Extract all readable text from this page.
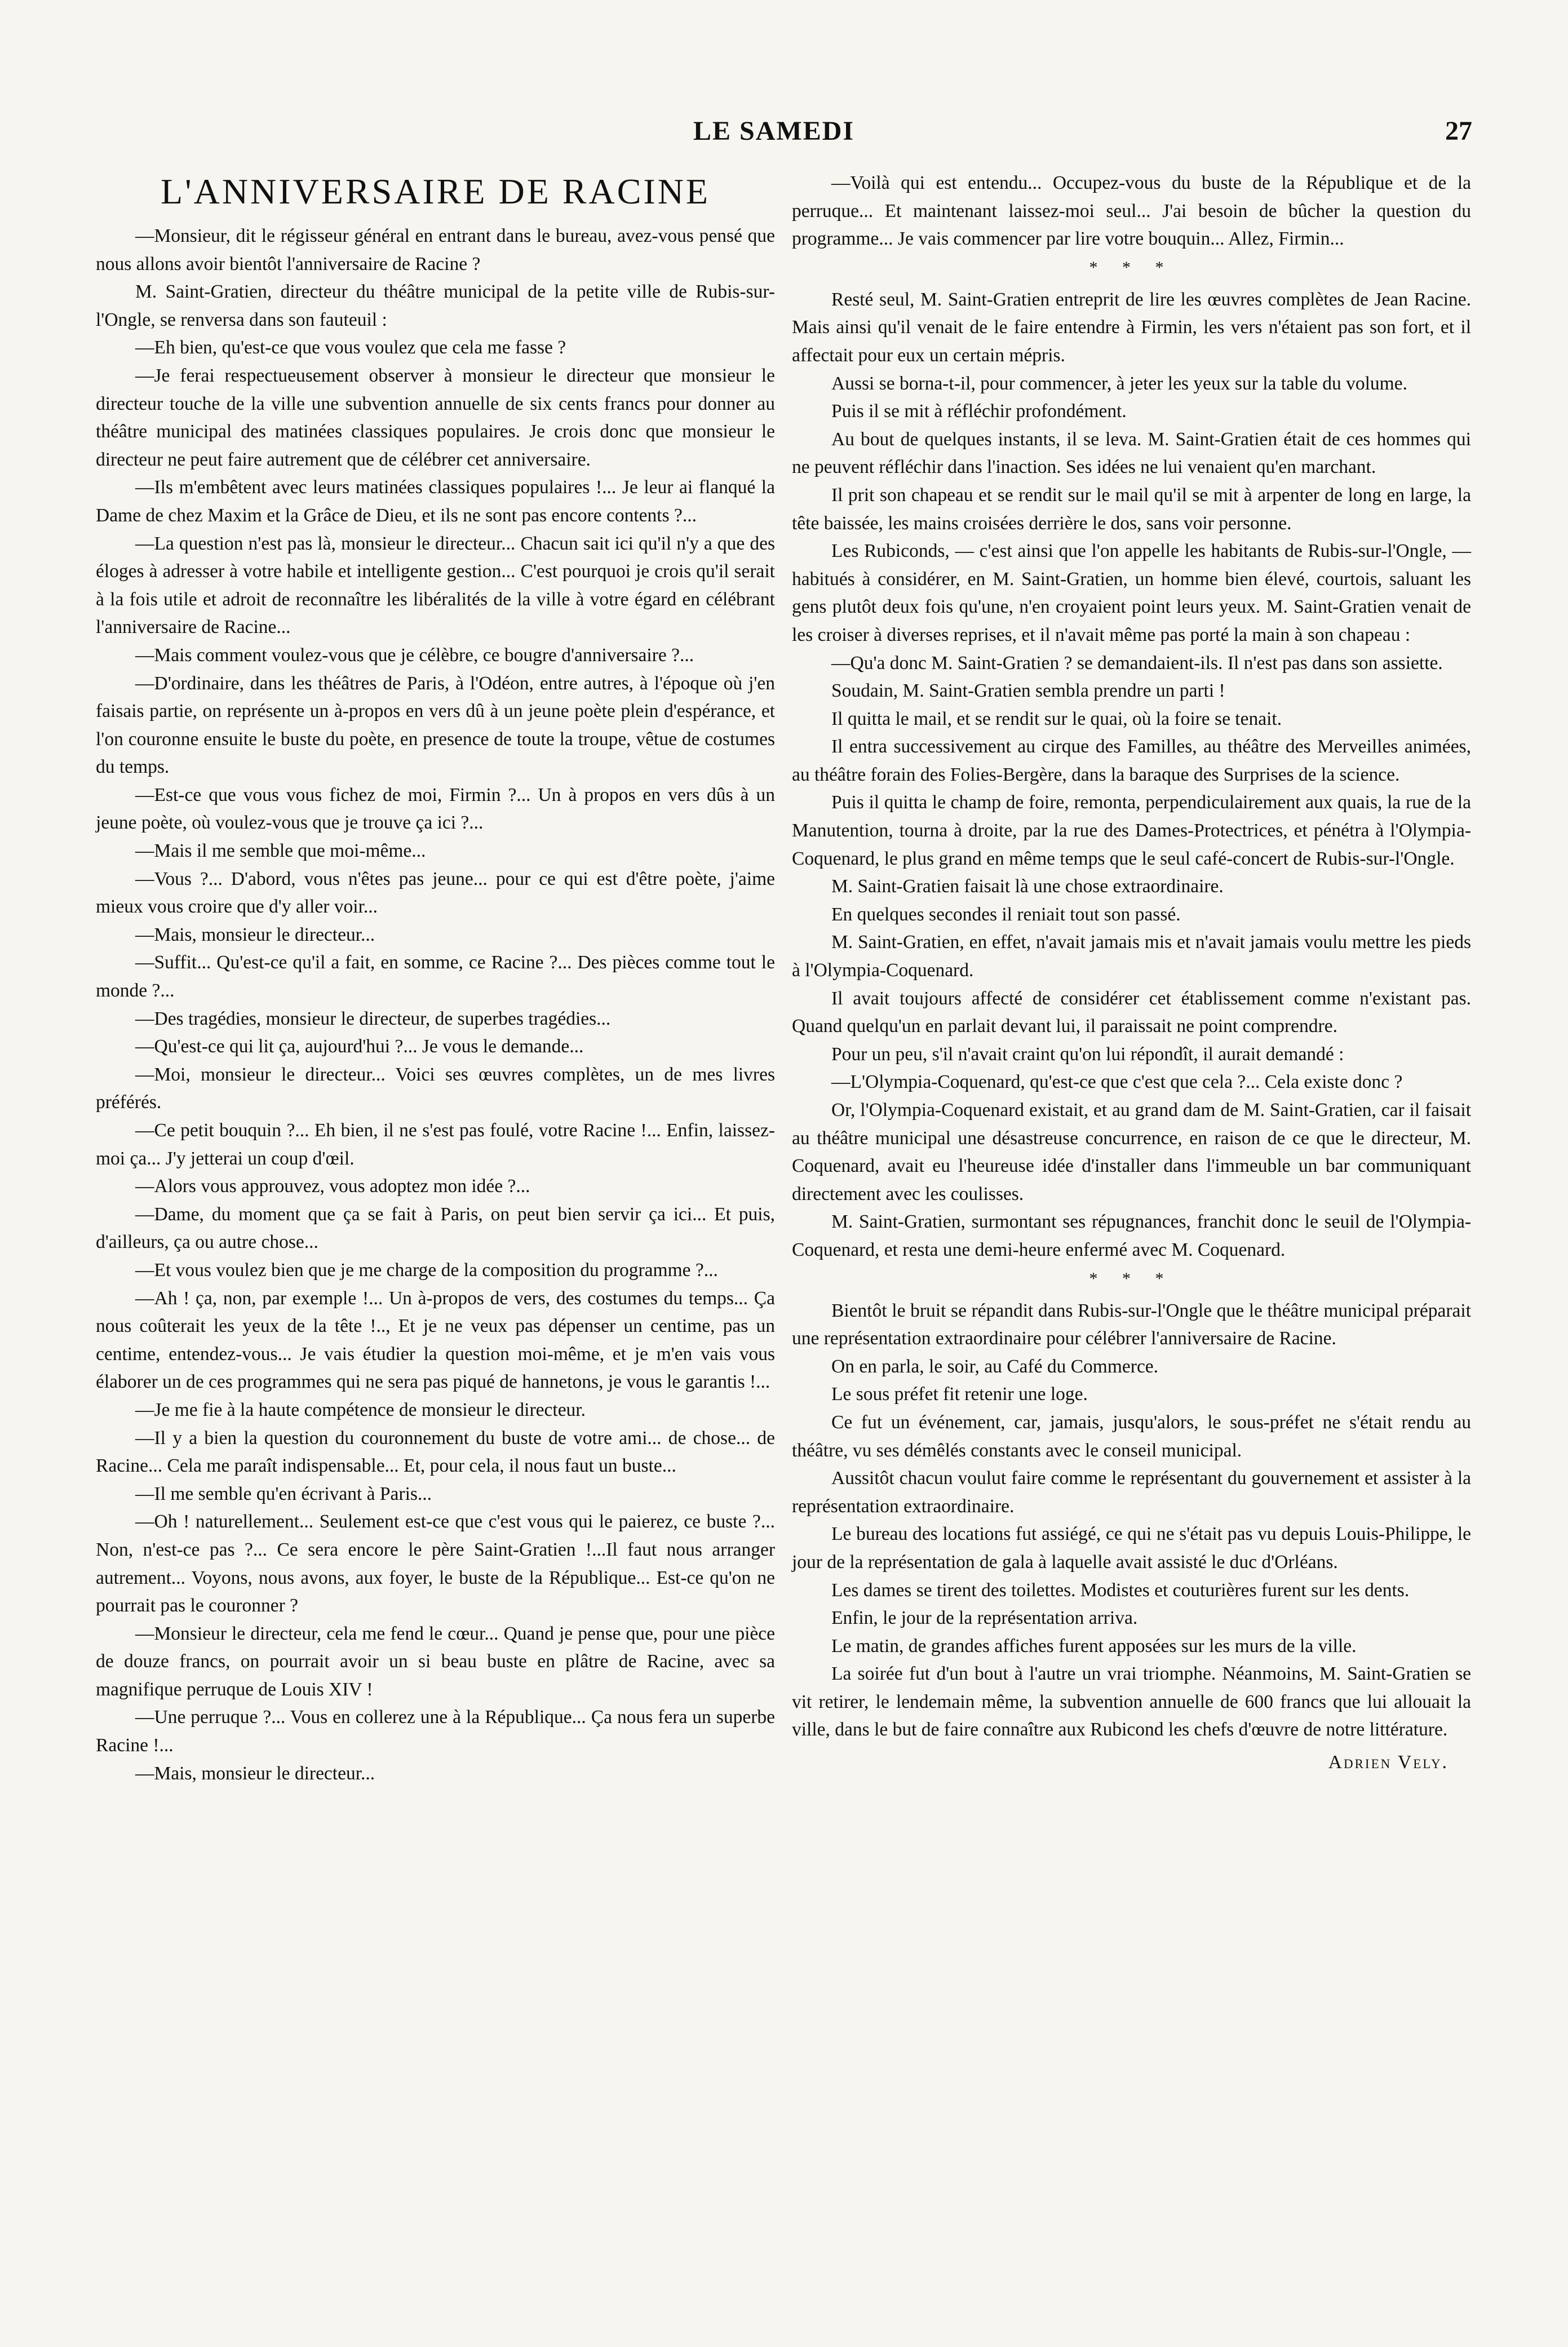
LE SAMEDI	27
L'ANNIVERSAIRE DE RACINE

—Monsieur, dit le régisseur général en entrant dans le bureau, avez-vous pensé que nous allons avoir bientôt l'anniversaire de Racine ?

M. Saint-Gratien, directeur du théâtre municipal de la petite ville de Rubis-sur-l'Ongle, se renversa dans son fauteuil :

—Eh bien, qu'est-ce que vous voulez que cela me fasse ?

—Je ferai respectueusement observer à monsieur le directeur que monsieur le directeur touche de la ville une subvention annuelle de six cents francs pour donner au théâtre municipal des matinées classiques populaires. Je crois donc que monsieur le directeur ne peut faire autrement que de célébrer cet anniversaire.

—Ils m'embêtent avec leurs matinées classiques populaires !... Je leur ai flanqué la Dame de chez Maxim et la Grâce de Dieu, et ils ne sont pas encore contents ?...

—La question n'est pas là, monsieur le directeur... Chacun sait ici qu'il n'y a que des éloges à adresser à votre habile et intelligente gestion... C'est pourquoi je crois qu'il serait à la fois utile et adroit de reconnaître les libéralités de la ville à votre égard en célébrant l'anniversaire de Racine...

—Mais comment voulez-vous que je célèbre, ce bougre d'anniversaire ?...

—D'ordinaire, dans les théâtres de Paris, à l'Odéon, entre autres, à l'époque où j'en faisais partie, on représente un à-propos en vers dû à un jeune poète plein d'espérance, et l'on couronne ensuite le buste du poète, en presence de toute la troupe, vêtue de costumes du temps.

—Est-ce que vous vous fichez de moi, Firmin ?... Un à propos en vers dûs à un jeune poète, où voulez-vous que je trouve ça ici ?...

—Mais il me semble que moi-même...

—Vous ?... D'abord, vous n'êtes pas jeune... pour ce qui est d'être poète, j'aime mieux vous croire que d'y aller voir...

—Mais, monsieur le directeur...

—Suffit... Qu'est-ce qu'il a fait, en somme, ce Racine ?... Des pièces comme tout le monde ?...

—Des tragédies, monsieur le directeur, de superbes tragédies...

—Qu'est-ce qui lit ça, aujourd'hui ?... Je vous le demande...

—Moi, monsieur le directeur... Voici ses œuvres complètes, un de mes livres préférés.

—Ce petit bouquin ?... Eh bien, il ne s'est pas foulé, votre Racine !... Enfin, laissez-moi ça... J'y jetterai un coup d'œil.

—Alors vous approuvez, vous adoptez mon idée ?...

—Dame, du moment que ça se fait à Paris, on peut bien servir ça ici... Et puis, d'ailleurs, ça ou autre chose...

—Et vous voulez bien que je me charge de la composition du programme ?...

—Ah ! ça, non, par exemple !... Un à-propos de vers, des costumes du temps... Ça nous coûterait les yeux de la tête !.., Et je ne veux pas dépenser un centime, pas un centime, entendez-vous... Je vais étudier la question moi-même, et je m'en vais vous élaborer un de ces programmes qui ne sera pas piqué de hannetons, je vous le garantis !...

—Je me fie à la haute compétence de monsieur le directeur.

—Il y a bien la question du couronnement du buste de votre ami... de chose... de Racine... Cela me paraît indispensable... Et, pour cela, il nous faut un buste...

—Il me semble qu'en écrivant à Paris...

—Oh ! naturellement... Seulement est-ce que c'est vous qui le paierez, ce buste ?... Non, n'est-ce pas ?... Ce sera encore le père Saint-Gratien !...Il faut nous arranger autrement... Voyons, nous avons, aux foyer, le buste de la République... Est-ce qu'on ne pourrait pas le couronner ?

—Monsieur le directeur, cela me fend le cœur... Quand je pense que, pour une pièce de douze francs, on pourrait avoir un si beau buste en plâtre de Racine, avec sa magnifique perruque de Louis XIV !

—Une perruque ?... Vous en collerez une à la République... Ça nous fera un superbe Racine !...

—Mais, monsieur le directeur...

—Voilà qui est entendu... Occupez-vous du buste de la République et de la perruque... Et maintenant laissez-moi seul... J'ai besoin de bûcher la question du programme... Je vais commencer par lire votre bouquin... Allez, Firmin...

* * *

Resté seul, M. Saint-Gratien entreprit de lire les œuvres complètes de Jean Racine. Mais ainsi qu'il venait de le faire entendre à Firmin, les vers n'étaient pas son fort, et il affectait pour eux un certain mépris.

Aussi se borna-t-il, pour commencer, à jeter les yeux sur la table du volume.

Puis il se mit à réfléchir profondément.

Au bout de quelques instants, il se leva. M. Saint-Gratien était de ces hommes qui ne peuvent réfléchir dans l'inaction. Ses idées ne lui venaient qu'en marchant.

Il prit son chapeau et se rendit sur le mail qu'il se mit à arpenter de long en large, la tête baissée, les mains croisées derrière le dos, sans voir personne.

Les Rubiconds, — c'est ainsi que l'on appelle les habitants de Rubis-sur-l'Ongle, — habitués à considérer, en M. Saint-Gratien, un homme bien élevé, courtois, saluant les gens plutôt deux fois qu'une, n'en croyaient point leurs yeux. M. Saint-Gratien venait de les croiser à diverses reprises, et il n'avait même pas porté la main à son chapeau :

—Qu'a donc M. Saint-Gratien ? se demandaient-ils. Il n'est pas dans son assiette.

Soudain, M. Saint-Gratien sembla prendre un parti !

Il quitta le mail, et se rendit sur le quai, où la foire se tenait.

Il entra successivement au cirque des Familles, au théâtre des Merveilles animées, au théâtre forain des Folies-Bergère, dans la baraque des Surprises de la science.

Puis il quitta le champ de foire, remonta, perpendiculairement aux quais, la rue de la Manutention, tourna à droite, par la rue des Dames-Protectrices, et pénétra à l'Olympia-Coquenard, le plus grand en même temps que le seul café-concert de Rubis-sur-l'Ongle.

M. Saint-Gratien faisait là une chose extraordinaire.

En quelques secondes il reniait tout son passé.

M. Saint-Gratien, en effet, n'avait jamais mis et n'avait jamais voulu mettre les pieds à l'Olympia-Coquenard.

Il avait toujours affecté de considérer cet établissement comme n'existant pas. Quand quelqu'un en parlait devant lui, il paraissait ne point comprendre.

Pour un peu, s'il n'avait craint qu'on lui répondît, il aurait demandé :

—L'Olympia-Coquenard, qu'est-ce que c'est que cela ?... Cela existe donc ?

Or, l'Olympia-Coquenard existait, et au grand dam de M. Saint-Gratien, car il faisait au théâtre municipal une désastreuse concurrence, en raison de ce que le directeur, M. Coquenard, avait eu l'heureuse idée d'installer dans l'immeuble un bar communiquant directement avec les coulisses.

M. Saint-Gratien, surmontant ses répugnances, franchit donc le seuil de l'Olympia-Coquenard, et resta une demi-heure enfermé avec M. Coquenard.

* * *

Bientôt le bruit se répandit dans Rubis-sur-l'Ongle que le théâtre municipal préparait une représentation extraordinaire pour célébrer l'anniversaire de Racine.

On en parla, le soir, au Café du Commerce.

Le sous préfet fit retenir une loge.

Ce fut un événement, car, jamais, jusqu'alors, le sous-préfet ne s'était rendu au théâtre, vu ses démêlés constants avec le conseil municipal.

Aussitôt chacun voulut faire comme le représentant du gouvernement et assister à la représentation extraordinaire.

Le bureau des locations fut assiégé, ce qui ne s'était pas vu depuis Louis-Philippe, le jour de la représentation de gala à laquelle avait assisté le duc d'Orléans.

Les dames se tirent des toilettes. Modistes et couturières furent sur les dents.

Enfin, le jour de la représentation arriva.

Le matin, de grandes affiches furent apposées sur les murs de la ville.

La soirée fut d'un bout à l'autre un vrai triomphe. Néanmoins, M. Saint-Gratien se vit retirer, le lendemain même, la subvention annuelle de 600 francs que lui allouait la ville, dans le but de faire connaître aux Rubicond les chefs d'œuvre de notre littérature.

Adrien Vely.
